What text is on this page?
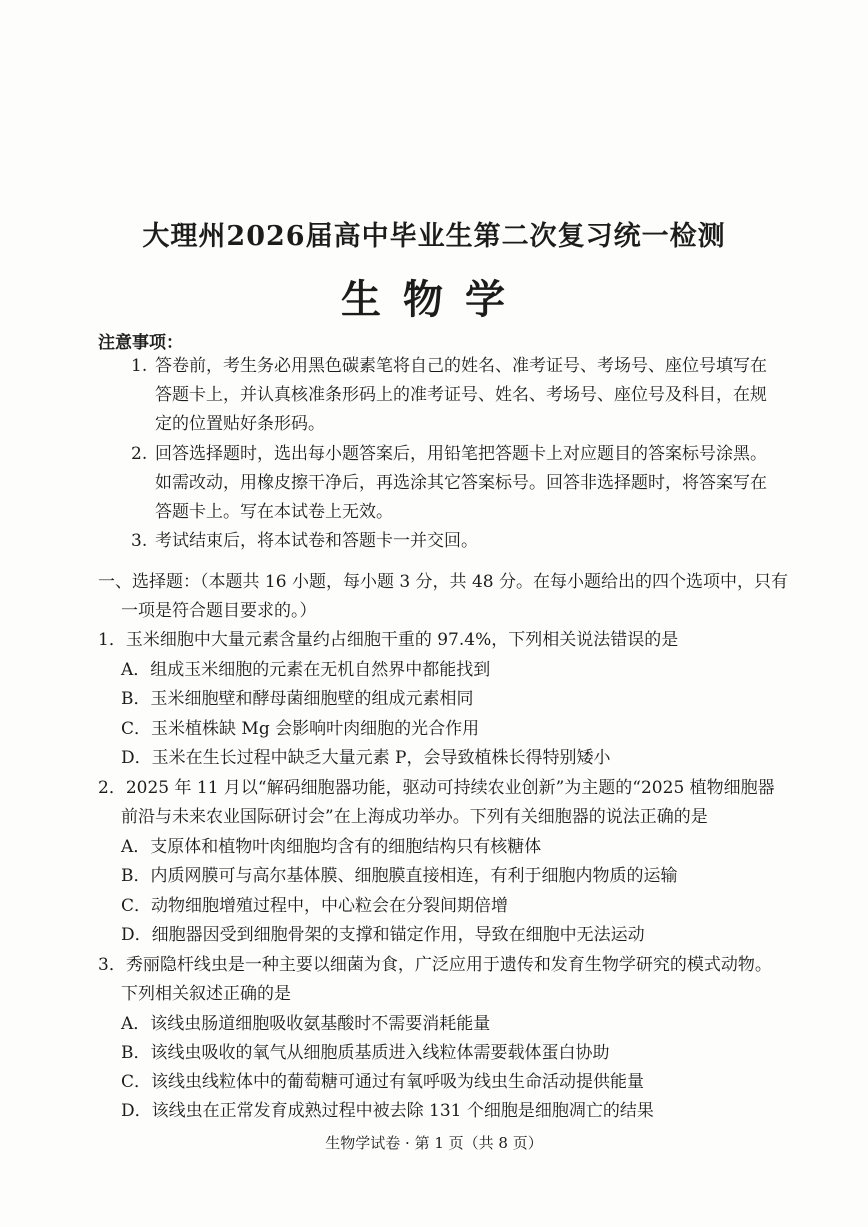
大理州2026届高中毕业生第二次复习统一检测
生物学
注意事项：
1. 答卷前，考生务必用黑色碳素笔将自己的姓名、准考证号、考场号、座位号填写在
答题卡上，并认真核准条形码上的准考证号、姓名、考场号、座位号及科目，在规
定的位置贴好条形码。
2. 回答选择题时，选出每小题答案后，用铅笔把答题卡上对应题目的答案标号涂黑。
如需改动，用橡皮擦干净后，再选涂其它答案标号。回答非选择题时，将答案写在
答题卡上。写在本试卷上无效。
3. 考试结束后，将本试卷和答题卡一并交回。
一、选择题：（本题共 16 小题，每小题 3 分，共 48 分。在每小题给出的四个选项中，只有
一项是符合题目要求的。）
1．玉米细胞中大量元素含量约占细胞干重的 97.4%，下列相关说法错误的是
A．组成玉米细胞的元素在无机自然界中都能找到
B．玉米细胞壁和酵母菌细胞壁的组成元素相同
C．玉米植株缺 Mg 会影响叶肉细胞的光合作用
D．玉米在生长过程中缺乏大量元素 P，会导致植株长得特别矮小
2．2025 年 11 月以“解码细胞器功能，驱动可持续农业创新”为主题的“2025 植物细胞器
前沿与未来农业国际研讨会”在上海成功举办。下列有关细胞器的说法正确的是
A．支原体和植物叶肉细胞均含有的细胞结构只有核糖体
B．内质网膜可与高尔基体膜、细胞膜直接相连，有利于细胞内物质的运输
C．动物细胞增殖过程中，中心粒会在分裂间期倍增
D．细胞器因受到细胞骨架的支撑和锚定作用，导致在细胞中无法运动
3．秀丽隐杆线虫是一种主要以细菌为食，广泛应用于遗传和发育生物学研究的模式动物。
下列相关叙述正确的是
A．该线虫肠道细胞吸收氨基酸时不需要消耗能量
B．该线虫吸收的氧气从细胞质基质进入线粒体需要载体蛋白协助
C．该线虫线粒体中的葡萄糖可通过有氧呼吸为线虫生命活动提供能量
D．该线虫在正常发育成熟过程中被去除 131 个细胞是细胞凋亡的结果
生物学试卷 · 第 1 页（共 8 页）
